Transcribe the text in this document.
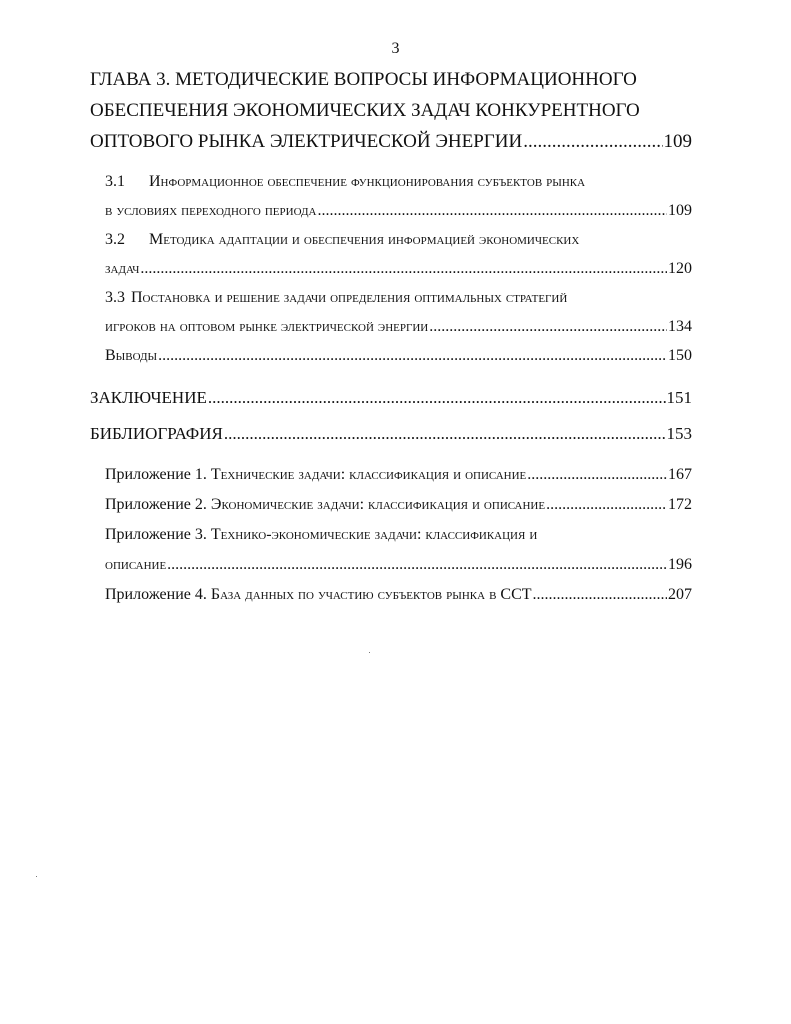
3
ГЛАВА 3. МЕТОДИЧЕСКИЕ ВОПРОСЫ ИНФОРМАЦИОННОГО
ОБЕСПЕЧЕНИЯ ЭКОНОМИЧЕСКИХ ЗАДАЧ КОНКУРЕНТНОГО
ОПТОВОГО РЫНКА ЭЛЕКТРИЧЕСКОЙ ЭНЕРГИИ .....	109
3.1	Информационное обеспечение функционирования субъектов рынка
в условиях переходного периода .....	109
3.2	Методика адаптации и обеспечения информацией экономических
задач .....	120
3.3 Постановка и решение задачи определения оптимальных стратегий
игроков на оптовом рынке электрической энергии .....	134
Выводы .....	150
ЗАКЛЮЧЕНИЕ .....	151
БИБЛИОГРАФИЯ .....	153
Приложение 1. Технические задачи: классификация и описание .....	167
Приложение 2. Экономические задачи: классификация и описание .....	172
Приложение 3. Технико-экономические задачи: классификация и
описание .....	196
Приложение 4. База данных по участию субъектов рынка в ССТ .....	207
